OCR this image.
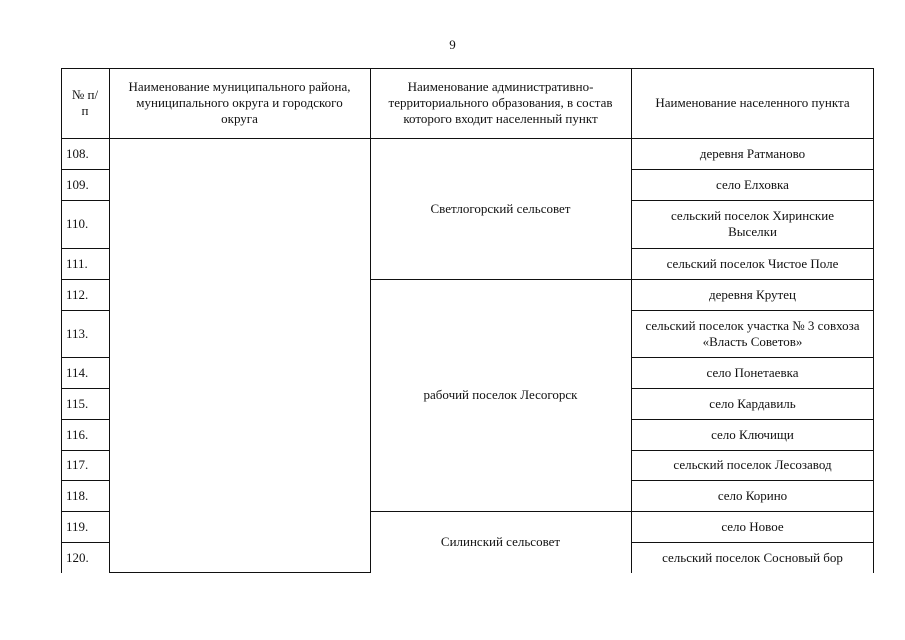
9
№ п/п
Наименование муниципального района, муниципального округа и городского округа
Наименование административно-территориального образования, в состав которого входит населенный пункт
Наименование населенного пункта
108.
109.
110.
111.
112.
113.
114.
115.
116.
117.
118.
119.
120.
Светлогорский сельсовет
рабочий поселок Лесогорск
Силинский сельсовет
деревня Ратманово
село Елховка
сельский поселок Хиринские Выселки
сельский поселок Чистое Поле
деревня Крутец
сельский поселок участка № 3 совхоза «Власть Советов»
село Понетаевка
село Кардавиль
село Ключищи
сельский поселок Лесозавод
село Корино
село Новое
сельский поселок Сосновый бор
